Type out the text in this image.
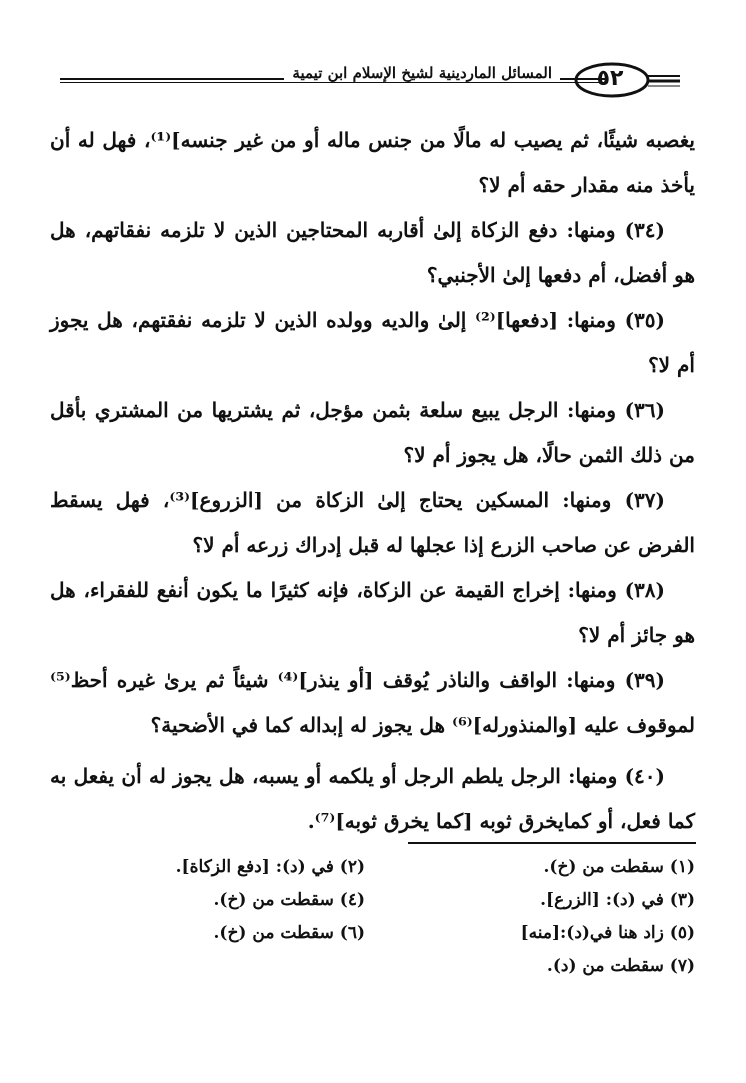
المسائل الماردينية لشيخ الإسلام ابن تيمية	٥٢

يغصبه شيئًا، ثم يصيب له مالًا من جنس ماله أو من غير جنسه]⁽¹⁾، فهل له أن يأخذ منه مقدار حقه أم لا؟

(٣٤) ومنها: دفع الزكاة إلىٰ أقاربه المحتاجين الذين لا تلزمه نفقاتهم، هل هو أفضل، أم دفعها إلىٰ الأجنبي؟

(٣٥) ومنها: [دفعها]⁽²⁾ إلىٰ والديه وولده الذين لا تلزمه نفقتهم، هل يجوز أم لا؟

(٣٦) ومنها: الرجل يبيع سلعة بثمن مؤجل، ثم يشتريها من المشتري بأقل من ذلك الثمن حالًا، هل يجوز أم لا؟

(٣٧) ومنها: المسكين يحتاج إلىٰ الزكاة من [الزروع]⁽³⁾، فهل يسقط الفرض عن صاحب الزرع إذا عجلها له قبل إدراك زرعه أم لا؟

(٣٨) ومنها: إخراج القيمة عن الزكاة، فإنه كثيرًا ما يكون أنفع للفقراء، هل هو جائز أم لا؟

(٣٩) ومنها: الواقف والناذر يُوقف [أو ينذر]⁽⁴⁾ شيئاً ثم يرىٰ غيره أحظ⁽⁵⁾ لموقوف عليه [والمنذورله]⁽⁶⁾ هل يجوز له إبداله كما في الأضحية؟

(٤٠) ومنها: الرجل يلطم الرجل أو يلكمه أو يسبه، هل يجوز له أن يفعل به كما فعل، أو كمايخرق ثوبه [كما يخرق ثوبه]⁽⁷⁾.

(١) سقطت من (خ).
(٢) في (د): [دفع الزكاة].
(٣) في (د): [الزرع].
(٤) سقطت من (خ).
(٥) زاد هنا في(د):[منه]
(٦) سقطت من (خ).
(٧) سقطت من (د).
